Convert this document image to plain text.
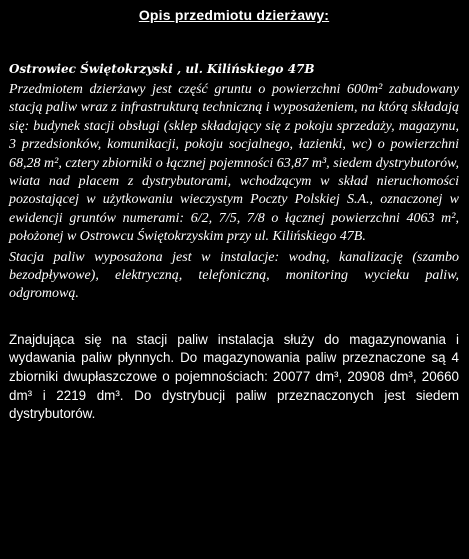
Opis przedmiotu dzierżawy:
Ostrowiec Świętokrzyski , ul. Kilińskiego 47B

Przedmiotem dzierżawy jest część gruntu o powierzchni 600m² zabudowany stacją paliw wraz z infrastrukturą techniczną i wyposażeniem, na którą składają się: budynek stacji obsługi (sklep składający się z pokoju sprzedaży, magazynu, 3 przedsionków, komunikacji, pokoju socjalnego, łazienki, wc) o powierzchni 68,28 m², cztery zbiorniki o łącznej pojemności 63,87 m³, siedem dystrybutorów, wiata nad placem z dystrybutorami, wchodzącym w skład nieruchomości pozostającej w użytkowaniu wieczystym Poczty Polskiej S.A., oznaczonej w ewidencji gruntów numerami: 6/2, 7/5, 7/8 o łącznej powierzchni 4063 m², położonej w Ostrowcu Świętokrzyskim przy ul. Kilińskiego 47B.

Stacja paliw wyposażona jest w instalacje: wodną, kanalizację (szambo bezodpływowe), elektryczną, telefoniczną, monitoring wycieku paliw, odgromową.

Znajdująca się na stacji paliw instalacja służy do magazynowania i wydawania paliw płynnych. Do magazynowania paliw przeznaczone są 4 zbiorniki dwupłaszczowe o pojemnościach: 20077 dm³, 20908 dm³, 20660 dm³ i 2219 dm³. Do dystrybucji paliw przeznaczonych jest siedem dystrybutorów.
